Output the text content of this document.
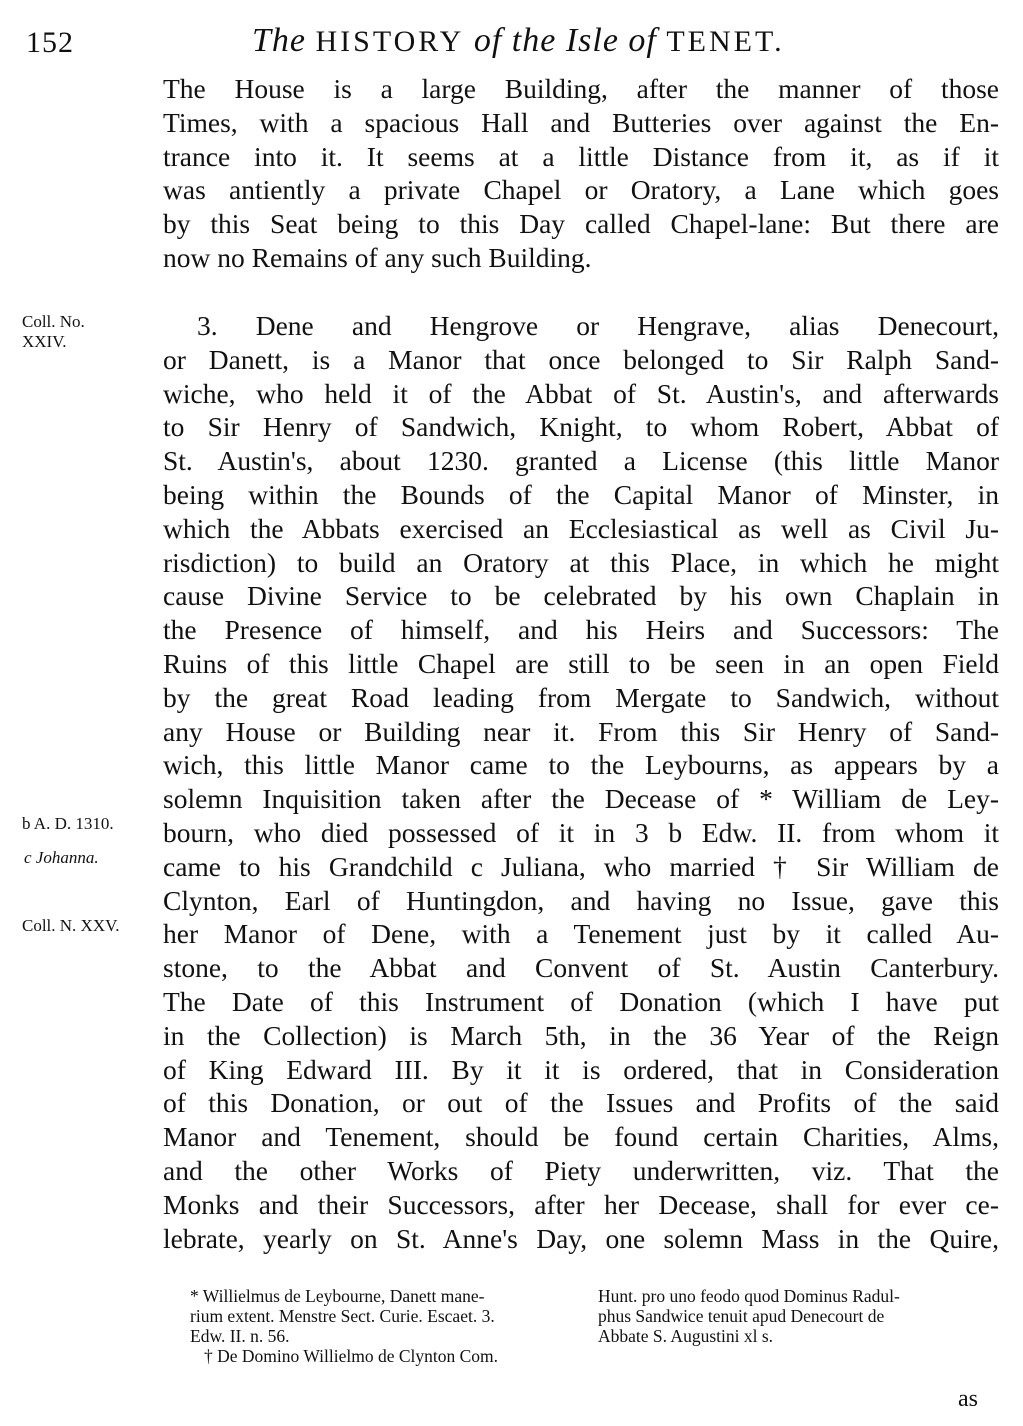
152	The HISTORY of the Isle of TENET.
The House is a large Building, after the manner of those
Times, with a spacious Hall and Butteries over against the En-
trance into it. It seems at a little Distance from it, as if it
was antiently a private Chapel or Oratory, a Lane which goes
by this Seat being to this Day called Chapel-lane: But there are
now no Remains of any such Building.
3. Dene and Hengrove or Hengrave, alias Denecourt,
or Danett, is a Manor that once belonged to Sir Ralph Sand-
wiche, who held it of the Abbat of St. Austin's, and afterwards
to Sir Henry of Sandwich, Knight, to whom Robert, Abbat of
St. Austin's, about 1230. granted a License (this little Manor
being within the Bounds of the Capital Manor of Minster, in
which the Abbats exercised an Ecclesiastical as well as Civil Ju-
risdiction) to build an Oratory at this Place, in which he might
cause Divine Service to be celebrated by his own Chaplain in
the Presence of himself, and his Heirs and Successors: The
Ruins of this little Chapel are still to be seen in an open Field
by the great Road leading from Mergate to Sandwich, without
any House or Building near it. From this Sir Henry of Sand-
wich, this little Manor came to the Leybourns, as appears by a
solemn Inquisition taken after the Decease of * William de Ley-
bourn, who died possessed of it in 3 b Edw. II. from whom it
came to his Grandchild c Juliana, who married † Sir William de
Clynton, Earl of Huntingdon, and having no Issue, gave this
her Manor of Dene, with a Tenement just by it called Au-
stone, to the Abbat and Convent of St. Austin Canterbury.
The Date of this Instrument of Donation (which I have put
in the Collection) is March 5th, in the 36 Year of the Reign
of King Edward III. By it it is ordered, that in Consideration
of this Donation, or out of the Issues and Profits of the said
Manor and Tenement, should be found certain Charities, Alms,
and the other Works of Piety underwritten, viz. That the
Monks and their Successors, after her Decease, shall for ever ce-
lebrate, yearly on St. Anne's Day, one solemn Mass in the Quire,
Coll. No.
XXIV.
b A. D. 1310.
c Johanna.
Coll. N. XXV.
* Willielmus de Leybourne, Danett mane-
rium extent. Menstre Sect. Curie. Escaet. 3.
Edw. II. n. 56.
† De Domino Willielmo de Clynton Com.
Hunt. pro uno feodo quod Dominus Radul-
phus Sandwice tenuit apud Denecourt de
Abbate S. Augustini xl s.
as
